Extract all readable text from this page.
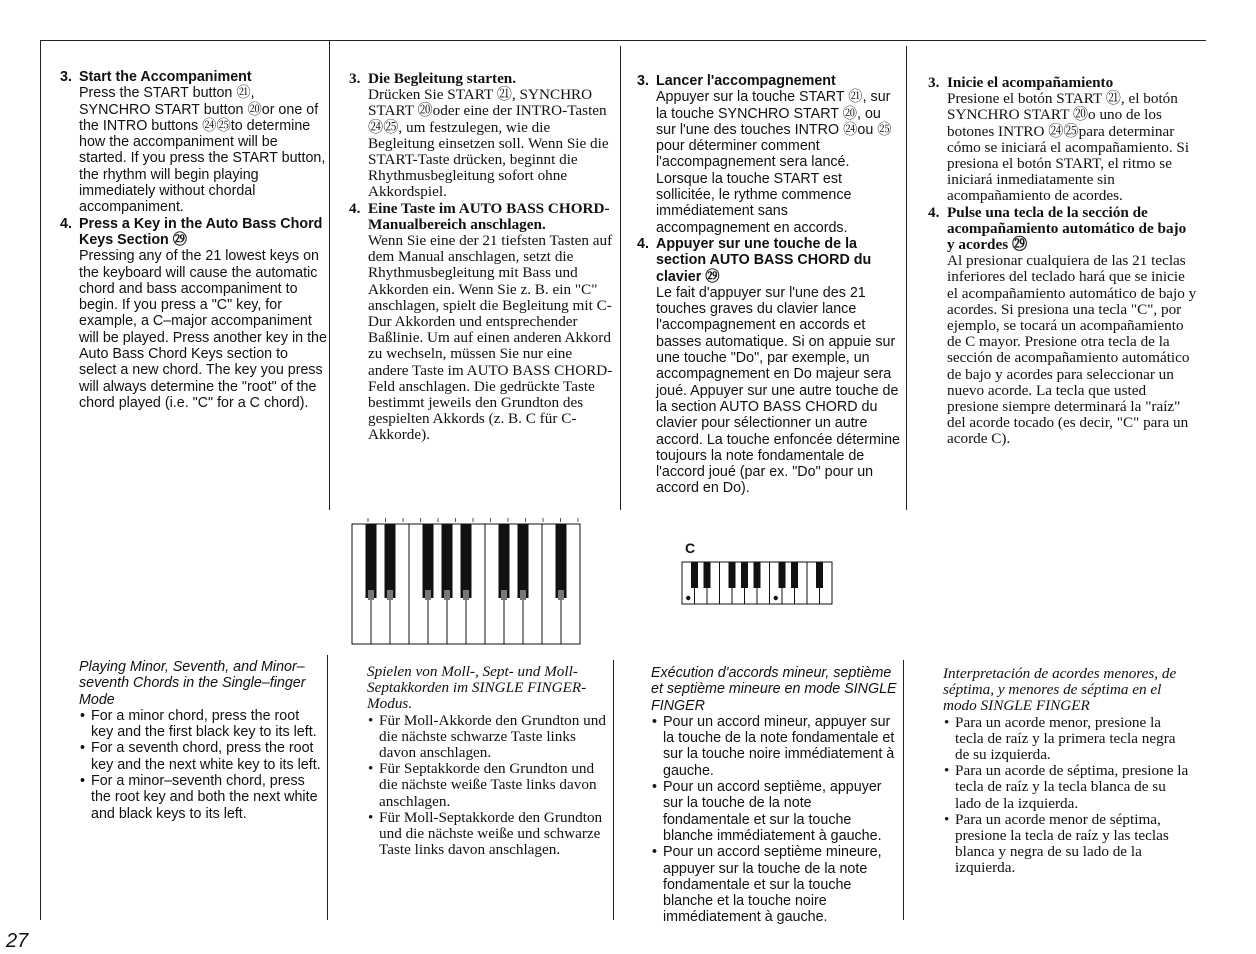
3. Start the Accompaniment
Press the START button ㉑, SYNCHRO START button ⑳or one of the INTRO buttons ㉔㉕to determine how the accompaniment will be started. If you press the START button, the rhythm will begin playing immediately without chordal accompaniment.
4. Press a Key in the Auto Bass Chord Keys Section ㉙
Pressing any of the 21 lowest keys on the keyboard will cause the automatic chord and bass accompaniment to begin. If you press a "C" key, for example, a C–major accompaniment will be played. Press another key in the Auto Bass Chord Keys section to select a new chord. The key you press will always determine the "root" of the chord played (i.e. "C" for a C chord).
3. Die Begleitung starten.
Drücken Sie START ㉑, SYNCHRO START ⑳oder eine der INTRO-Tasten ㉔㉕, um festzulegen, wie die Begleitung einsetzen soll. Wenn Sie die START-Taste drücken, beginnt die Rhythmusbegleitung sofort ohne Akkordspiel.
4. Eine Taste im AUTO BASS CHORD-Manualbereich anschlagen.
Wenn Sie eine der 21 tiefsten Tasten auf dem Manual anschlagen, setzt die Rhythmusbegleitung mit Bass und Akkorden ein. Wenn Sie z. B. ein "C" anschlagen, spielt die Begleitung mit C-Dur Akkorden und entsprechender Baßlinie. Um auf einen anderen Akkord zu wechseln, müssen Sie nur eine andere Taste im AUTO BASS CHORD-Feld anschlagen. Die gedrückte Taste bestimmt jeweils den Grundton des gespielten Akkords (z. B. C für C-Akkorde).
3. Lancer l'accompagnement
Appuyer sur la touche START ㉑, sur la touche SYNCHRO START ⑳, ou sur l'une des touches INTRO ㉔ou ㉕ pour déterminer comment l'accompagnement sera lancé. Lorsque la touche START est sollicitée, le rythme commence immédiatement sans accompagnement en accords.
4. Appuyer sur une touche de la section AUTO BASS CHORD du clavier ㉙
Le fait d'appuyer sur l'une des 21 touches graves du clavier lance l'accompagnement en accords et basses automatique. Si on appuie sur une touche "Do", par exemple, un accompagnement en Do majeur sera joué. Appuyer sur une autre touche de la section AUTO BASS CHORD du clavier pour sélectionner un autre accord. La touche enfoncée détermine toujours la note fondamentale de l'accord joué (par ex. "Do" pour un accord en Do).
3. Inicie el acompañamiento
Presione el botón START ㉑, el botón SYNCHRO START ⑳o uno de los botones INTRO ㉔㉕para determinar cómo se iniciará el acompañamiento. Si presiona el botón START, el ritmo se iniciará inmediatamente sin acompañamiento de acordes.
4. Pulse una tecla de la sección de acompañamiento automático de bajo y acordes ㉙
Al presionar cualquiera de las 21 teclas inferiores del teclado hará que se inicie el acompañamiento automático de bajo y acordes. Si presiona una tecla "C", por ejemplo, se tocará un acompañamiento de C mayor. Presione otra tecla de la sección de acompañamiento automático de bajo y acordes para seleccionar un nuevo acorde. La tecla que usted presione siempre determinará la "raíz" del acorde tocado (es decir, "C" para un acorde C).
C
Playing Minor, Seventh, and Minor–seventh Chords in the Single–finger Mode
• For a minor chord, press the root key and the first black key to its left.
• For a seventh chord, press the root key and the next white key to its left.
• For a minor–seventh chord, press the root key and both the next white and black keys to its left.
Spielen von Moll-, Sept- und Moll-Septakkorden im SINGLE FINGER-Modus.
• Für Moll-Akkorde den Grundton und die nächste schwarze Taste links davon anschlagen.
• Für Septakkorde den Grundton und die nächste weiße Taste links davon anschlagen.
• Für Moll-Septakkorde den Grundton und die nächste weiße und schwarze Taste links davon anschlagen.
Exécution d'accords mineur, septième et septième mineure en mode SINGLE FINGER
• Pour un accord mineur, appuyer sur la touche de la note fondamentale et sur la touche noire immédiatement à gauche.
• Pour un accord septième, appuyer sur la touche de la note fondamentale et sur la touche blanche immédiatement à gauche.
• Pour un accord septième mineure, appuyer sur la touche de la note fondamentale et sur la touche blanche et la touche noire immédiatement à gauche.
Interpretación de acordes menores, de séptima, y menores de séptima en el modo SINGLE FINGER
• Para un acorde menor, presione la tecla de raíz y la primera tecla negra de su izquierda.
• Para un acorde de séptima, presione la tecla de raíz y la tecla blanca de su lado de la izquierda.
• Para un acorde menor de séptima, presione la tecla de raíz y las teclas blanca y negra de su lado de la izquierda.
27
